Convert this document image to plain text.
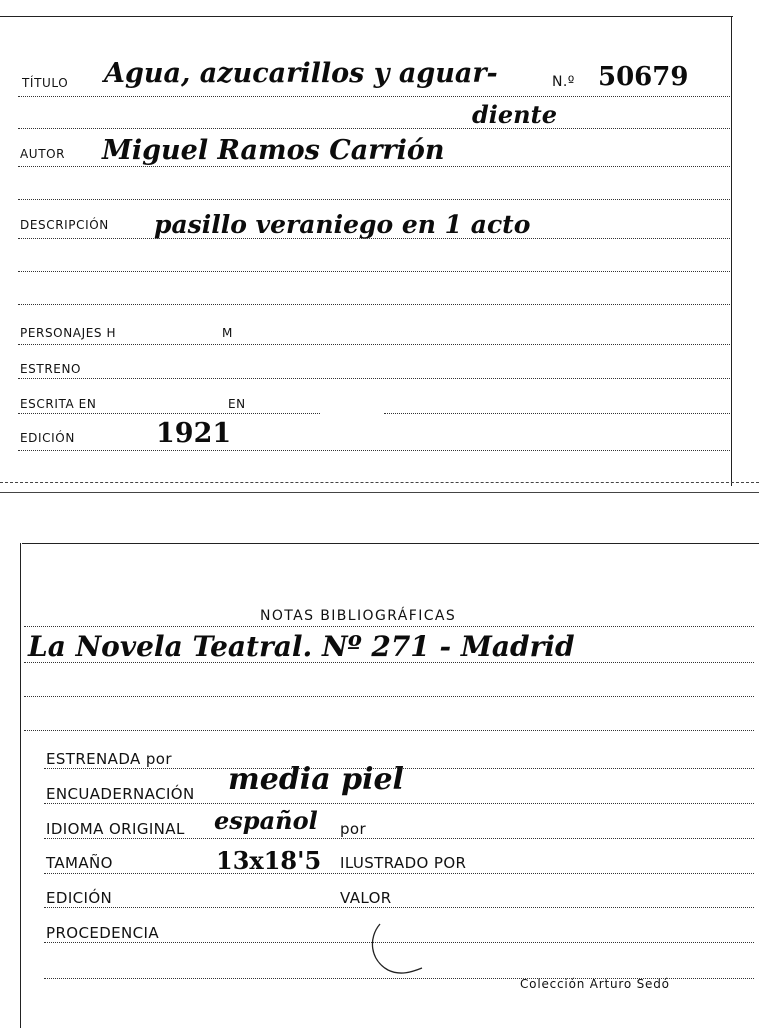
TÍTULO Agua, azucarillos y aguar-	N.º 50679
diente
AUTOR Miguel Ramos Carrión
DESCRIPCIÓN pasillo veraniego en 1 acto
PERSONAJES H	M
ESTRENO
ESCRITA EN	EN
EDICIÓN	1921
NOTAS BIBLIOGRÁFICAS
La Novela Teatral. Nº 271 - Madrid
ESTRENADA por
ENCUADERNACIÓN media piel
IDIOMA ORIGINAL español por
TAMAÑO	13x18'5 ILUSTRADO POR
EDICIÓN	VALOR
PROCEDENCIA
Colección Arturo Sedó
